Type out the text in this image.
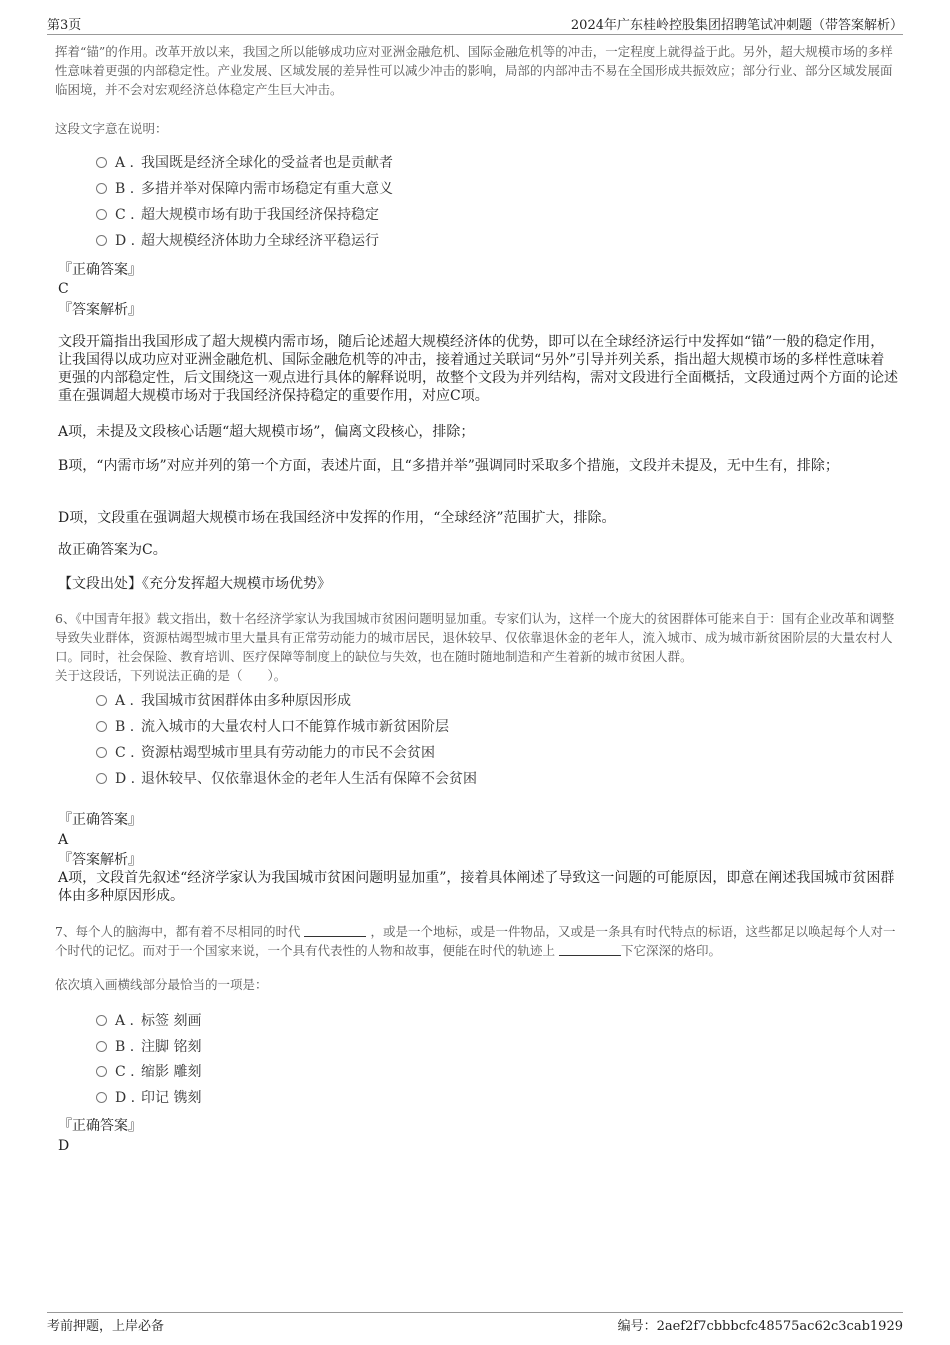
第3页	2024年广东桂岭控股集团招聘笔试冲刺题（带答案解析）

挥着“锚”的作用。改革开放以来，我国之所以能够成功应对亚洲金融危机、国际金融危机等的冲击，一定程度上就得益于此。另外，超大规模市场的多样性意味着更强的内部稳定性。产业发展、区域发展的差异性可以减少冲击的影响，局部的内部冲击不易在全国形成共振效应；部分行业、部分区域发展面临困境，并不会对宏观经济总体稳定产生巨大冲击。

这段文字意在说明：

A . 我国既是经济全球化的受益者也是贡献者
B . 多措并举对保障内需市场稳定有重大意义
C . 超大规模市场有助于我国经济保持稳定
D . 超大规模经济体助力全球经济平稳运行

『正确答案』

C

『答案解析』

文段开篇指出我国形成了超大规模内需市场，随后论述超大规模经济体的优势，即可以在全球经济运行中发挥如“锚”一般的稳定作用，让我国得以成功应对亚洲金融危机、国际金融危机等的冲击，接着通过关联词“另外”引导并列关系，指出超大规模市场的多样性意味着更强的内部稳定性，后文围绕这一观点进行具体的解释说明，故整个文段为并列结构，需对文段进行全面概括，文段通过两个方面的论述重在强调超大规模市场对于我国经济保持稳定的重要作用，对应C项。

A项，未提及文段核心话题“超大规模市场”，偏离文段核心，排除；

B项，“内需市场”对应并列的第一个方面，表述片面，且“多措并举”强调同时采取多个措施，文段并未提及，无中生有，排除；

D项，文段重在强调超大规模市场在我国经济中发挥的作用，“全球经济”范围扩大，排除。

故正确答案为C。

【文段出处】《充分发挥超大规模市场优势》

6、《中国青年报》载文指出，数十名经济学家认为我国城市贫困问题明显加重。专家们认为，这样一个庞大的贫困群体可能来自于：国有企业改革和调整导致失业群体，资源枯竭型城市里大量具有正常劳动能力的城市居民，退休较早、仅依靠退休金的老年人，流入城市、成为城市新贫困阶层的大量农村人口。同时，社会保险、教育培训、医疗保障等制度上的缺位与失效，也在随时随地制造和产生着新的城市贫困人群。

关于这段话，下列说法正确的是（　　）。

A . 我国城市贫困群体由多种原因形成
B . 流入城市的大量农村人口不能算作城市新贫困阶层
C . 资源枯竭型城市里具有劳动能力的市民不会贫困
D . 退休较早、仅依靠退休金的老年人生活有保障不会贫困

『正确答案』

A

『答案解析』

A项，文段首先叙述“经济学家认为我国城市贫困问题明显加重”，接着具体阐述了导致这一问题的可能原因，即意在阐述我国城市贫困群体由多种原因形成。

7、每个人的脑海中，都有着不尽相同的时代	，或是一个地标，或是一件物品，又或是一条具有时代特点的标语，这些都足以唤起每个人对一个时代的记忆。而对于一个国家来说，一个具有代表性的人物和故事，便能在时代的轨迹上	下它深深的烙印。

依次填入画横线部分最恰当的一项是：

A . 标签 刻画
B . 注脚 铭刻
C . 缩影 雕刻
D . 印记 镌刻

『正确答案』

D

考前押题，上岸必备	编号：2aef2f7cbbbcfc48575ac62c3cab1929
